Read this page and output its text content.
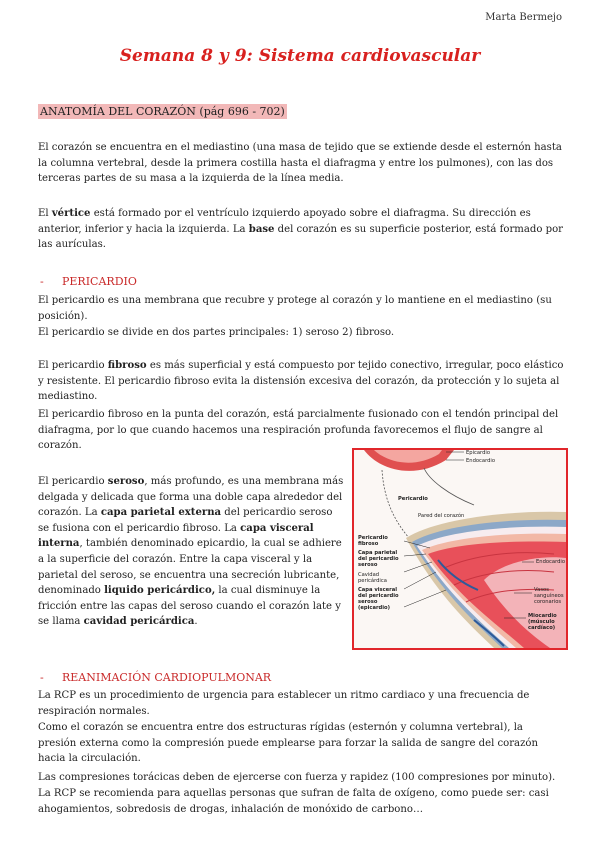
Marta Bermejo
Semana 8 y 9: Sistema cardiovascular
ANATOMÍA DEL CORAZÓN (pág 696 - 702)

El corazón se encuentra en el mediastino (una masa de tejido que se extiende desde el esternón hasta la columna vertebral, desde la primera costilla hasta el diafragma y entre los pulmones), con las dos terceras partes de su masa a la izquierda de la línea media.

El vértice está formado por el ventrículo izquierdo apoyado sobre el diafragma. Su dirección es anterior, inferior y hacia la izquierda. La base del corazón es su superficie posterior, está formado por las aurículas.

- PERICARDIO

El pericardio es una membrana que recubre y protege al corazón y lo mantiene en el mediastino (su posición).

El pericardio se divide en dos partes principales: 1) seroso 2) fibroso.

El pericardio fibroso es más superficial y está compuesto por tejido conectivo, irregular, poco elástico y resistente. El pericardio fibroso evita la distensión excesiva del corazón, da protección y lo sujeta al mediastino.

El pericardio fibroso en la punta del corazón, está parcialmente fusionado con el tendón principal del diafragma, por lo que cuando hacemos una respiración profunda favorecemos el flujo de sangre al corazón.

El pericardio seroso, más profundo, es una membrana más delgada y delicada que forma una doble capa alrededor del corazón. La capa parietal externa del pericardio seroso se fusiona con el pericardio fibroso. La capa visceral interna, también denominado epicardio, la cual se adhiere a la superficie del corazón. Entre la capa visceral y la parietal del seroso, se encuentra una secreción lubricante, denominado liquido pericárdico, la cual disminuye la fricción entre las capas del seroso cuando el corazón late y se llama cavidad pericárdica.

Epicardio
Endocardio
Pericardio
Pared del corazón
Pericardio fibroso
Capa parietal del pericardio seroso
Cavidad pericárdica
Capa visceral del pericardio seroso (epicardio)
Endocardio
Vasos sanguíneos coronarios
Miocardio (músculo cardíaco)
- REANIMACIÓN CARDIOPULMONAR

La RCP es un procedimiento de urgencia para establecer un ritmo cardiaco y una frecuencia de respiración normales.

Como el corazón se encuentra entre dos estructuras rígidas (esternón y columna vertebral), la presión externa como la compresión puede emplearse para forzar la salida de sangre del corazón hacia la circulación.

Las compresiones torácicas deben de ejercerse con fuerza y rapidez (100 compresiones por minuto).

La RCP se recomienda para aquellas personas que sufran de falta de oxígeno, como puede ser: casi ahogamientos, sobredosis de drogas, inhalación de monóxido de carbono…
